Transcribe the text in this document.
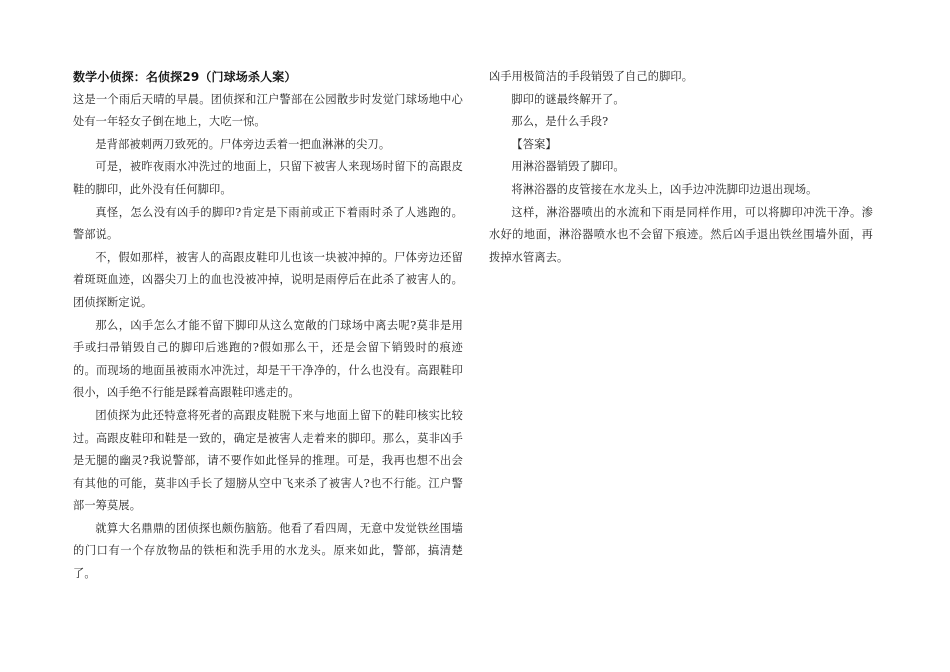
数学小侦探：名侦探29（门球场杀人案）

这是一个雨后天晴的早晨。团侦探和江户警部在公园散步时发觉门球场地中心处有一年轻女子倒在地上，大吃一惊。

是背部被刺两刀致死的。尸体旁边丢着一把血淋淋的尖刀。

可是，被昨夜雨水冲洗过的地面上，只留下被害人来现场时留下的高跟皮鞋的脚印，此外没有任何脚印。

真怪，怎么没有凶手的脚印?肯定是下雨前或正下着雨时杀了人逃跑的。警部说。

不，假如那样，被害人的高跟皮鞋印儿也该一块被冲掉的。尸体旁边还留着斑斑血迹，凶器尖刀上的血也没被冲掉，说明是雨停后在此杀了被害人的。团侦探断定说。

那么，凶手怎么才能不留下脚印从这么宽敞的门球场中离去呢?莫非是用手或扫帚销毁自己的脚印后逃跑的?假如那么干，还是会留下销毁时的痕迹的。而现场的地面虽被雨水冲洗过，却是干干净净的，什么也没有。高跟鞋印很小，凶手绝不行能是踩着高跟鞋印逃走的。

团侦探为此还特意将死者的高跟皮鞋脱下来与地面上留下的鞋印核实比较过。高跟皮鞋印和鞋是一致的，确定是被害人走着来的脚印。那么，莫非凶手是无腿的幽灵?我说警部，请不要作如此怪异的推理。可是，我再也想不出会有其他的可能，莫非凶手长了翅膀从空中飞来杀了被害人?也不行能。江户警部一筹莫展。

就算大名鼎鼎的团侦探也颇伤脑筋。他看了看四周，无意中发觉铁丝围墙的门口有一个存放物品的铁柜和洗手用的水龙头。原来如此，警部，搞清楚了。

凶手用极简洁的手段销毁了自己的脚印。

脚印的谜最终解开了。

那么，是什么手段?

【答案】

用淋浴器销毁了脚印。

将淋浴器的皮管接在水龙头上，凶手边冲洗脚印边退出现场。

这样，淋浴器喷出的水流和下雨是同样作用，可以将脚印冲洗干净。渗水好的地面，淋浴器喷水也不会留下痕迹。然后凶手退出铁丝围墙外面，再拨掉水管离去。
